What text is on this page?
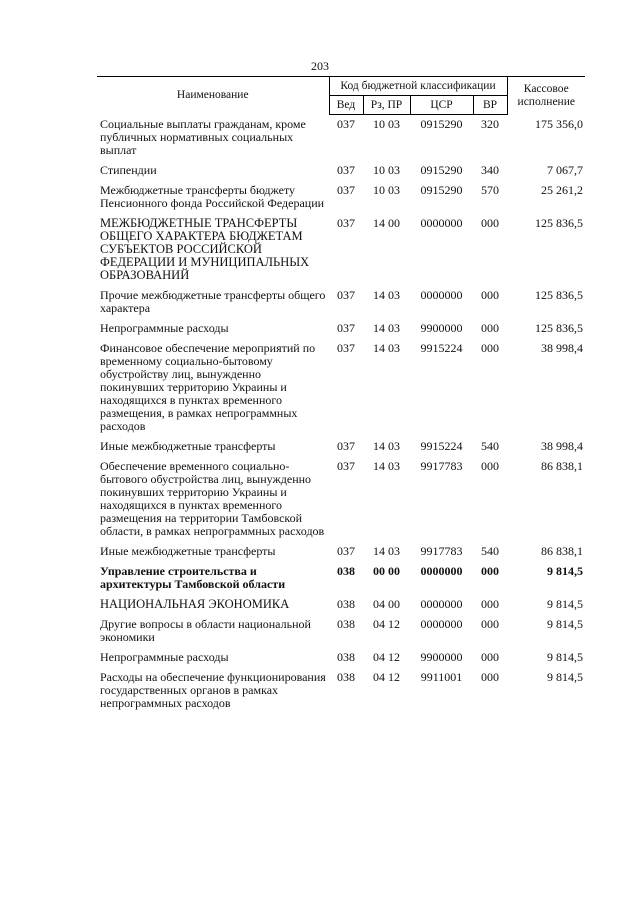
203
Наименование	Код бюджетной классификации				Кассовое исполнение
	Вед	Рз, ПР	ЦСР	ВР	
Социальные выплаты гражданам, кроме публичных нормативных социальных выплат	037	10 03	0915290	320	175 356,0
Стипендии	037	10 03	0915290	340	7 067,7
Межбюджетные трансферты бюджету Пенсионного фонда Российской Федерации	037	10 03	0915290	570	25 261,2
МЕЖБЮДЖЕТНЫЕ ТРАНСФЕРТЫ ОБЩЕГО ХАРАКТЕРА БЮДЖЕТАМ СУБЪЕКТОВ РОССИЙСКОЙ ФЕДЕРАЦИИ И МУНИЦИПАЛЬНЫХ ОБРАЗОВАНИЙ	037	14 00	0000000	000	125 836,5
Прочие межбюджетные трансферты общего характера	037	14 03	0000000	000	125 836,5
Непрограммные расходы	037	14 03	9900000	000	125 836,5
Финансовое обеспечение мероприятий по временному социально-бытовому обустройству лиц, вынужденно покинувших территорию Украины и находящихся в пунктах временного размещения, в рамках непрограммных расходов	037	14 03	9915224	000	38 998,4
Иные межбюджетные трансферты	037	14 03	9915224	540	38 998,4
Обеспечение временного социально-бытового обустройства лиц, вынужденно покинувших территорию Украины и находящихся в пунктах временного размещения на территории Тамбовской области, в рамках непрограммных расходов	037	14 03	9917783	000	86 838,1
Иные межбюджетные трансферты	037	14 03	9917783	540	86 838,1
Управление строительства и архитектуры Тамбовской области	038	00 00	0000000	000	9 814,5
НАЦИОНАЛЬНАЯ ЭКОНОМИКА	038	04 00	0000000	000	9 814,5
Другие вопросы в области национальной экономики	038	04 12	0000000	000	9 814,5
Непрограммные расходы	038	04 12	9900000	000	9 814,5
Расходы на обеспечение функционирования государственных органов в рамках непрограммных расходов	038	04 12	9911001	000	9 814,5
